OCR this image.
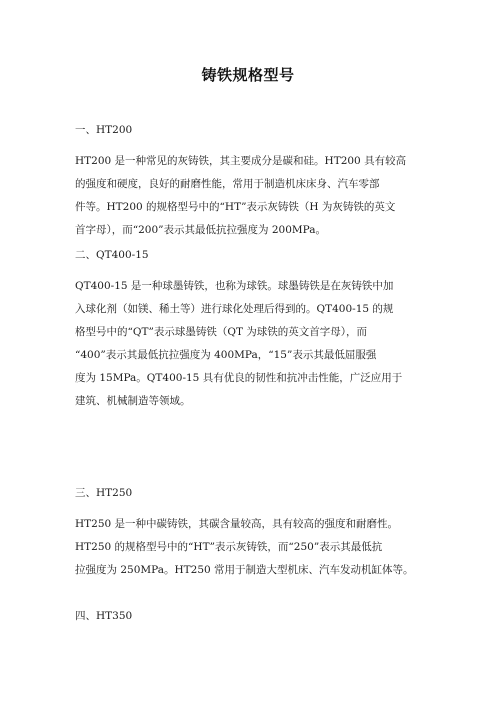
铸铁规格型号
一、HT200
HT200 是一种常见的灰铸铁，其主要成分是碳和硅。HT200 具有较高
的强度和硬度，良好的耐磨性能，常用于制造机床床身、汽车零部
件等。HT200 的规格型号中的“HT”表示灰铸铁（H 为灰铸铁的英文
首字母），而“200”表示其最低抗拉强度为 200MPa。
二、QT400-15
QT400-15 是一种球墨铸铁，也称为球铁。球墨铸铁是在灰铸铁中加
入球化剂（如镁、稀土等）进行球化处理后得到的。QT400-15 的规
格型号中的“QT”表示球墨铸铁（QT 为球铁的英文首字母），而
“400”表示其最低抗拉强度为 400MPa，“15”表示其最低屈服强
度为 15MPa。QT400-15 具有优良的韧性和抗冲击性能，广泛应用于
建筑、机械制造等领域。
三、HT250
HT250 是一种中碳铸铁，其碳含量较高，具有较高的强度和耐磨性。
HT250 的规格型号中的“HT”表示灰铸铁，而“250”表示其最低抗
拉强度为 250MPa。HT250 常用于制造大型机床、汽车发动机缸体等。
四、HT350
